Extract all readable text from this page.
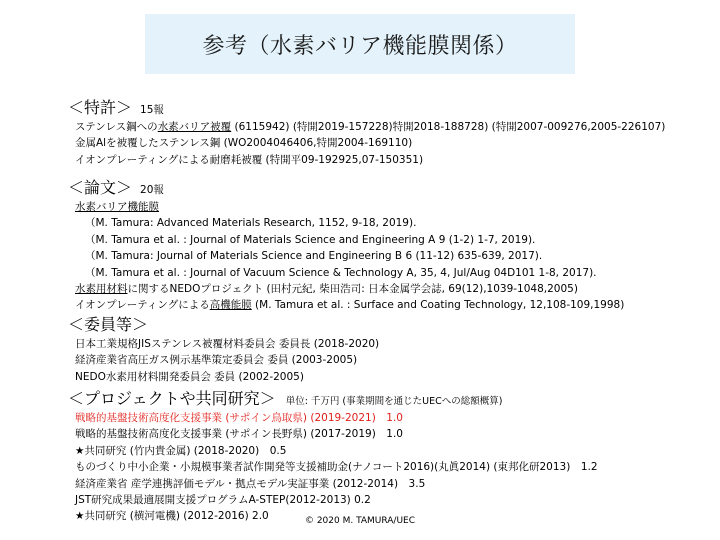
参考（水素バリア機能膜関係）
＜特許＞ 15報
ステンレス鋼への水素バリア被覆 (6115942) (特開2019-157228)特開2018-188728) (特開2007-009276,2005-226107)
金属Alを被覆したステンレス鋼 (WO2004046406,特開2004-169110)
イオンプレーティングによる耐磨耗被覆 (特開平09-192925,07-150351)
＜論文＞ 20報
水素バリア機能膜
（M. Tamura: Advanced Materials Research, 1152, 9-18, 2019).
（M. Tamura et al. : Journal of Materials Science and Engineering A 9 (1-2) 1-7, 2019).
（M. Tamura: Journal of Materials Science and Engineering B 6 (11-12) 635-639, 2017).
（M. Tamura et al. : Journal of Vacuum Science & Technology A, 35, 4, Jul/Aug 04D101 1-8, 2017).
水素用材料に関するNEDOプロジェクト (田村元紀, 柴田浩司: 日本金属学会誌, 69(12),1039-1048,2005)
イオンプレーティングによる高機能膜 (M. Tamura et al. : Surface and Coating Technology, 12,108-109,1998)
＜委員等＞
日本工業規格JISステンレス被覆材料委員会 委員長 (2018-2020)
経済産業省高圧ガス例示基準策定委員会 委員 (2003-2005)
NEDO水素用材料開発委員会 委員 (2002-2005)
＜プロジェクトや共同研究＞ 単位: 千万円 (事業期間を通じたUECへの総額概算)
戦略的基盤技術高度化支援事業 (サポイン鳥取県) (2019-2021)　1.0
戦略的基盤技術高度化支援事業 (サポイン長野県) (2017-2019)　1.0
★共同研究 (竹内貴金属) (2018-2020)　0.5
ものづくり中小企業・小規模事業者試作開発等支援補助金(ナノコート2016)(丸眞2014) (東邦化研2013)　1.2
経済産業省 産学連携評価モデル・拠点モデル実証事業 (2012-2014)　3.5
JST研究成果最適展開支援プログラムA-STEP(2012-2013) 0.2
★共同研究 (横河電機) (2012-2016) 2.0	© 2020 M. TAMURA/UEC
